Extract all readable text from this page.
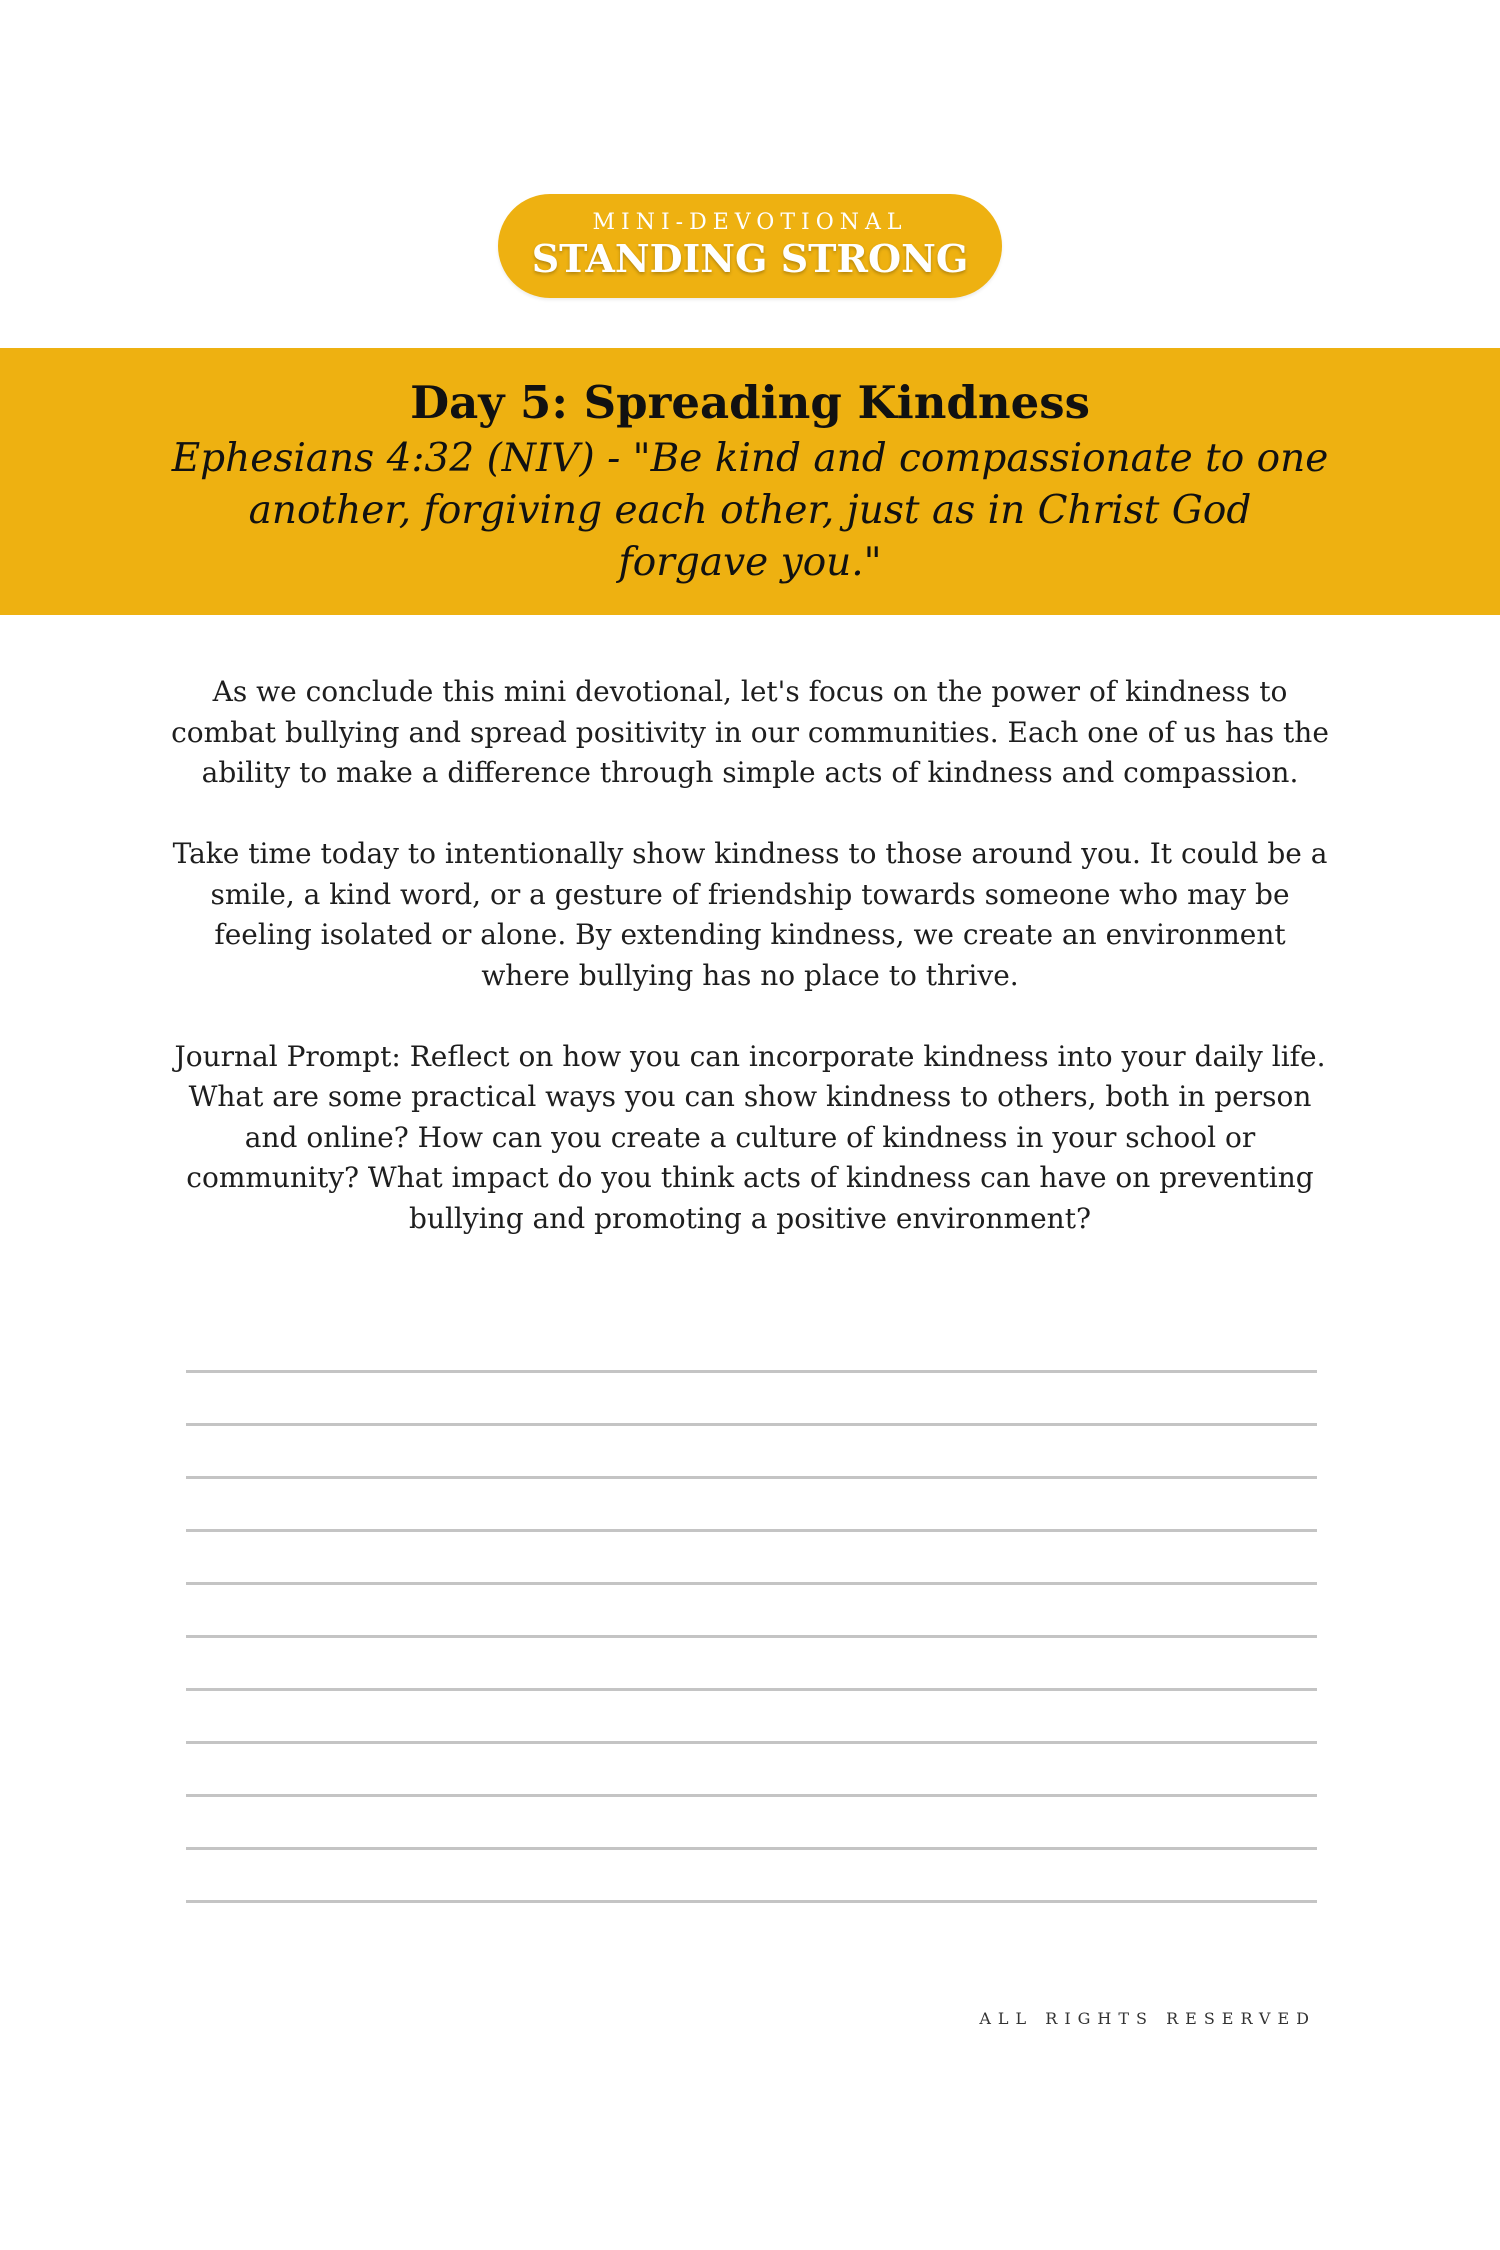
MINI-DEVOTIONAL
STANDING STRONG
Day 5: Spreading Kindness
Ephesians 4:32 (NIV) - "Be kind and compassionate to one another, forgiving each other, just as in Christ God forgave you."

As we conclude this mini devotional, let's focus on the power of kindness to combat bullying and spread positivity in our communities. Each one of us has the ability to make a difference through simple acts of kindness and compassion.

Take time today to intentionally show kindness to those around you. It could be a smile, a kind word, or a gesture of friendship towards someone who may be feeling isolated or alone. By extending kindness, we create an environment where bullying has no place to thrive.

Journal Prompt: Reflect on how you can incorporate kindness into your daily life. What are some practical ways you can show kindness to others, both in person and online? How can you create a culture of kindness in your school or community? What impact do you think acts of kindness can have on preventing bullying and promoting a positive environment?

ALL RIGHTS RESERVED
